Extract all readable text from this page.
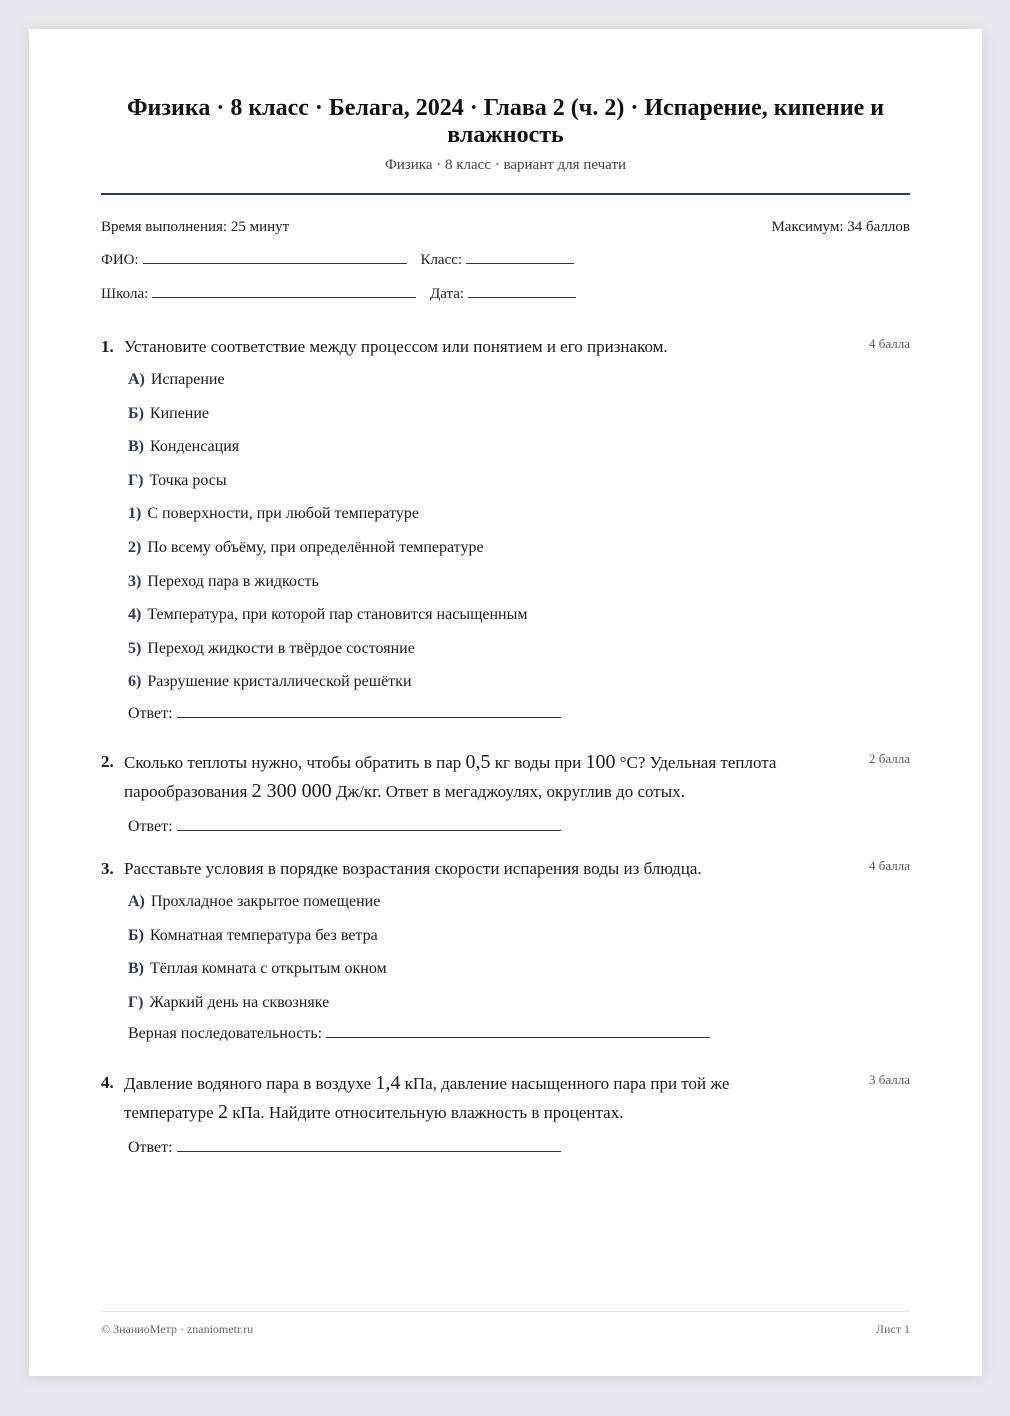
Физика · 8 класс · Белага, 2024 · Глава 2 (ч. 2) · Испарение, кипение и влажность
Физика · 8 класс · вариант для печати
Время выполнения: 25 минут	Максимум: 34 баллов
ФИО:	Класс:
Школа:	Дата:
1. Установите соответствие между процессом или понятием и его признаком.	4 балла
А) Испарение
Б) Кипение
В) Конденсация
Г) Точка росы
1) С поверхности, при любой температуре
2) По всему объёму, при определённой температуре
3) Переход пара в жидкость
4) Температура, при которой пар становится насыщенным
5) Переход жидкости в твёрдое состояние
6) Разрушение кристаллической решётки
Ответ:
2. Сколько теплоты нужно, чтобы обратить в пар 0,5 кг воды при 100 °C? Удельная теплота парообразования 2 300 000 Дж/кг. Ответ в мегаджоулях, округлив до сотых.
2 балла
Ответ:
3. Расставьте условия в порядке возрастания скорости испарения воды из блюдца.	4 балла
А) Прохладное закрытое помещение
Б) Комнатная температура без ветра
В) Тёплая комната с открытым окном
Г) Жаркий день на сквозняке
Верная последовательность:
4. Давление водяного пара в воздухе 1,4 кПа, давление насыщенного пара при той же температуре 2 кПа. Найдите относительную влажность в процентах.
3 балла
Ответ:
© ЗнаниоМетр · znaniometr.ru	Лист 1
